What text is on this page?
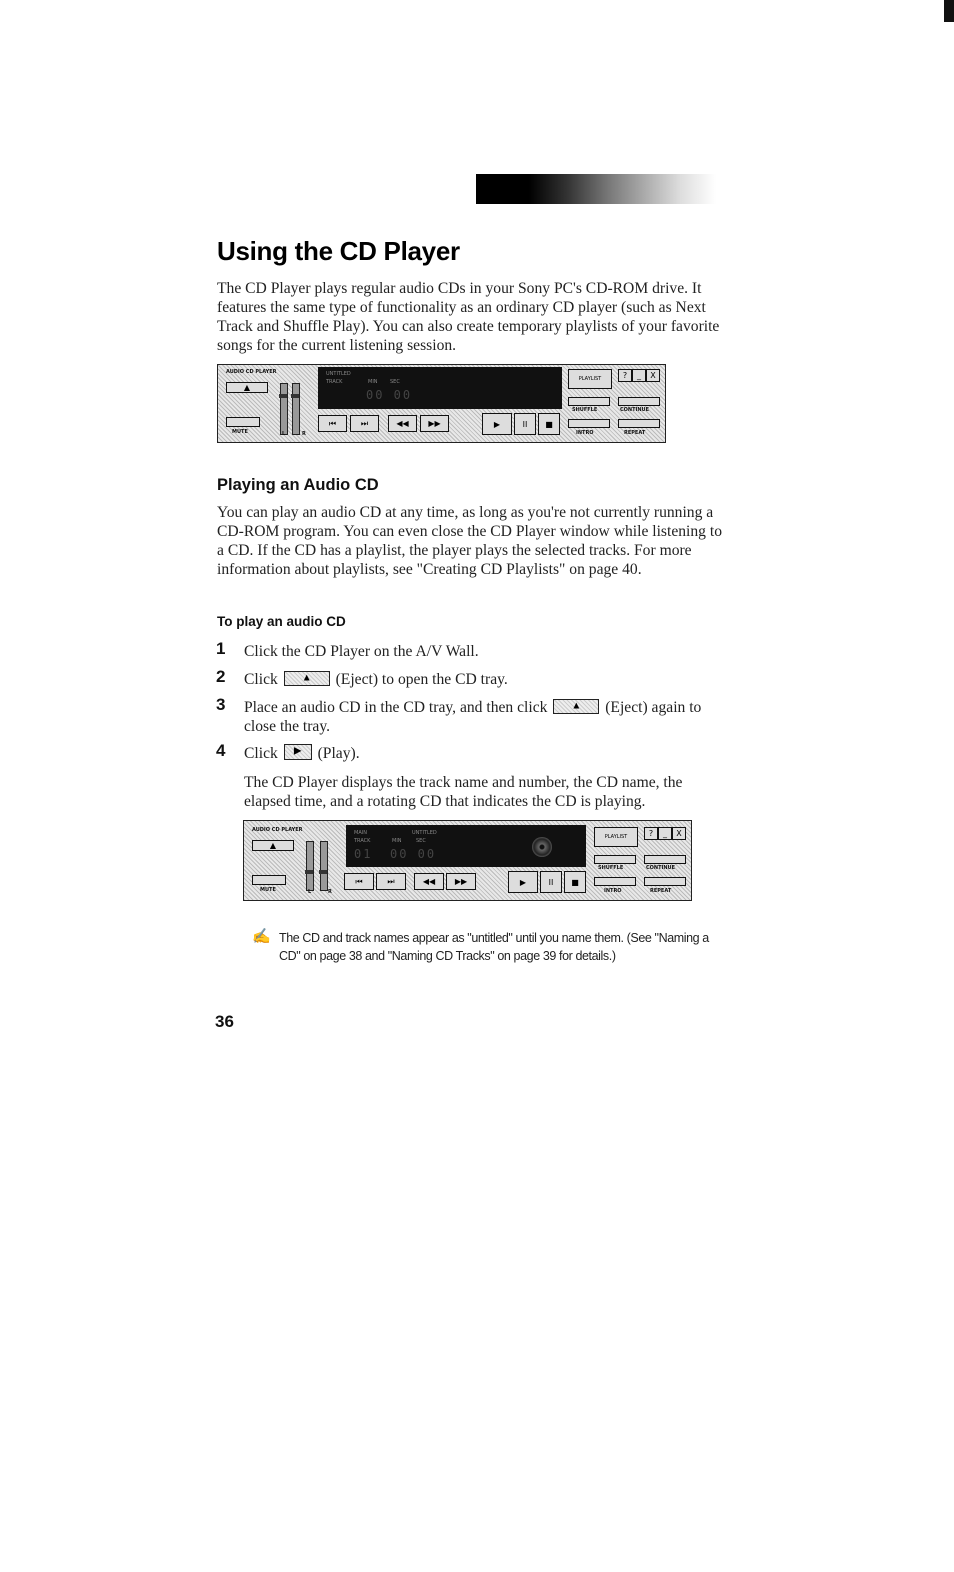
Using the CD Player
The CD Player plays regular audio CDs in your Sony PC's CD-ROM drive. It features the same type of functionality as an ordinary CD player (such as Next Track and Shuffle Play). You can also create temporary playlists of your favorite songs for the current listening session.
AUDIO CD PLAYER
▲
MUTE	L	R
UNTITLED
TRACK	MIN SEC
00 00
⏮	⏭	◀◀ ▶▶	▶	II ■
PLAYLIST	? _ X
SHUFFLE	CONTINUE
INTRO	REPEAT
Playing an Audio CD
You can play an audio CD at any time, as long as you're not currently running a CD-ROM program. You can even close the CD Player window while listening to a CD. If the CD has a playlist, the player plays the selected tracks. For more information about playlists, see "Creating CD Playlists" on page 40.
To play an audio CD
1 Click the CD Player on the A/V Wall.
2 Click ▲ (Eject) to open the CD tray.
3 Place an audio CD in the CD tray, and then click ▲ (Eject) again to close the tray.
4 Click ▶ (Play).
The CD Player displays the track name and number, the CD name, the elapsed time, and a rotating CD that indicates the CD is playing.
AUDIO CD PLAYER
▲
MUTE	L	R
MAIN	UNTITLED
TRACK	MIN	SEC
01 00 00
⏮	⏭	◀◀ ▶▶	▶	II ■
PLAYLIST	? _ X
SHUFFLE	CONTINUE
INTRO	REPEAT
✍ The CD and track names appear as "untitled" until you name them. (See "Naming a CD" on page 38 and "Naming CD Tracks" on page 39 for details.)
36
